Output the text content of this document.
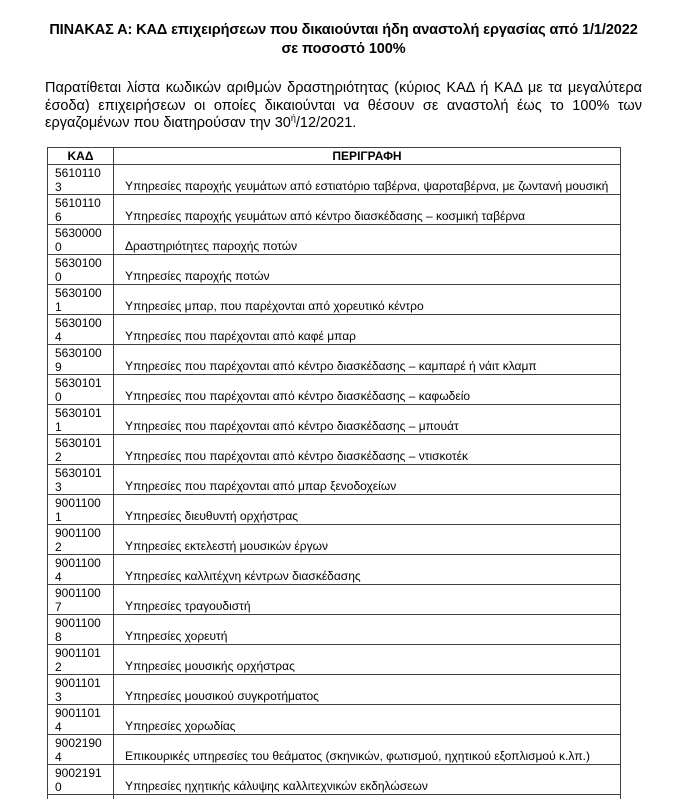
ΠΙΝΑΚΑΣ Α: ΚΑΔ επιχειρήσεων που δικαιούνται ήδη αναστολή εργασίας από 1/1/2022 σε ποσοστό 100%

Παρατίθεται λίστα κωδικών αριθμών δραστηριότητας (κύριος ΚΑΔ ή ΚΑΔ με τα μεγαλύτερα έσοδα) επιχειρήσεων οι οποίες δικαιούνται να θέσουν σε αναστολή έως το 100% των εργαζομένων που διατηρούσαν την $30^ή/12/2021$.

ΚΑΔ	ΠΕΡΙΓΡΑΦΗ

5610110
3	Υπηρεσίες παροχής γευμάτων από εστιατόριο ταβέρνα, ψαροταβέρνα, με ζωντανή μουσική

5610110
6	Υπηρεσίες παροχής γευμάτων από κέντρο διασκέδασης – κοσμική ταβέρνα

5630000
0	Δραστηριότητες παροχής ποτών

5630100
0	Υπηρεσίες παροχής ποτών

5630100
1	Υπηρεσίες μπαρ, που παρέχονται από χορευτικό κέντρο

5630100
4	Υπηρεσίες που παρέχονται από καφέ μπαρ

5630100
9	Υπηρεσίες που παρέχονται από κέντρο διασκέδασης – καμπαρέ ή νάιτ κλαμπ

5630101
0	Υπηρεσίες που παρέχονται από κέντρο διασκέδασης – καφωδείο

5630101
1	Υπηρεσίες που παρέχονται από κέντρο διασκέδασης – μπουάτ

5630101
2	Υπηρεσίες που παρέχονται από κέντρο διασκέδασης – ντισκοτέκ

5630101
3	Υπηρεσίες που παρέχονται από μπαρ ξενοδοχείων

9001100
1	Υπηρεσίες διευθυντή ορχήστρας

9001100
2	Υπηρεσίες εκτελεστή μουσικών έργων

9001100
4	Υπηρεσίες καλλιτέχνη κέντρων διασκέδασης

9001100
7	Υπηρεσίες τραγουδιστή

9001100
8	Υπηρεσίες χορευτή

9001101
2	Υπηρεσίες μουσικής ορχήστρας

9001101
3	Υπηρεσίες μουσικού συγκροτήματος

9001101
4	Υπηρεσίες χορωδίας

9002190
4	Επικουρικές υπηρεσίες του θεάματος (σκηνικών, φωτισμού, ηχητικού εξοπλισμού κ.λπ.)

9002191
0	Υπηρεσίες ηχητικής κάλυψης καλλιτεχνικών εκδηλώσεων
